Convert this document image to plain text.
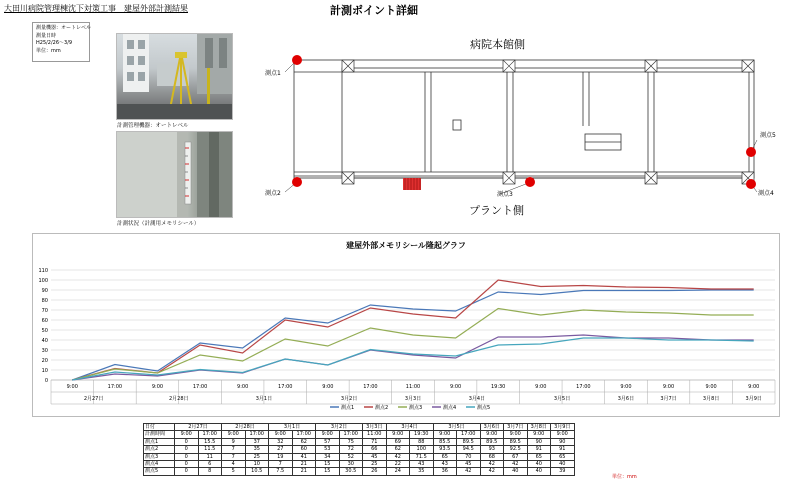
大田川病院管理棟沈下対策工事　建屋外部計測結果	計測ポイント詳細
測量機器：オートレベル
測量日時
H25/2/26〜3/9
単位：mm
計測管理機器：オートレベル
計測状況（計測用メモリシール）
測点1
測点2	測点3	測点4
測点5
病院本館側
プラント側
建屋外部メモリシール隆起グラフ
0
10
20
30
40
50
60
70
80
90
100
110
9:00	17:00	9:00	17:00	9:00	17:00	9:00	17:00	11:00	9:00	19:30	9:00	17:00	9:00	9:00	9:00	9:00
2月27日	2月28日	3月1日	3月2日	3月3日	3月4日	3月5日	3月6日	3月7日	3月8日	3月9日
測点1	測点2	測点3	測点4	測点5
日付	2月27日		2月28日		3月1日		3月2日		3月3日	3月4日		3月5日		3月6日	3月7日	3月8日	3月9日
計測時間	9:00	17:00	9:00	17:00	9:00	17:00	9:00	17:00	11:00	9:00	19:30	9:00	17:00	9:00	9:00	9:00	9:00
測点1	0	15.5	9	37	32	62	57	75	71	69	88	85.5	89.5	89.5	89.5	90	90
測点2	0	11.5	7	35	27	60	53	72	66	62	100	93.5	94.5	93	92.5	91	91
測点3	0	11	7	25	19	41	34	52	45	42	71.5	65	70	68	67	65	65
測点4	0	6	4	10	7	21	15	30	25	22	43	43	45	42	42	40	40
測点5	0	8	5	10.5	7.5	21	15	30.5	26	24	35	36	42	42	40	40	39
単位：mm
